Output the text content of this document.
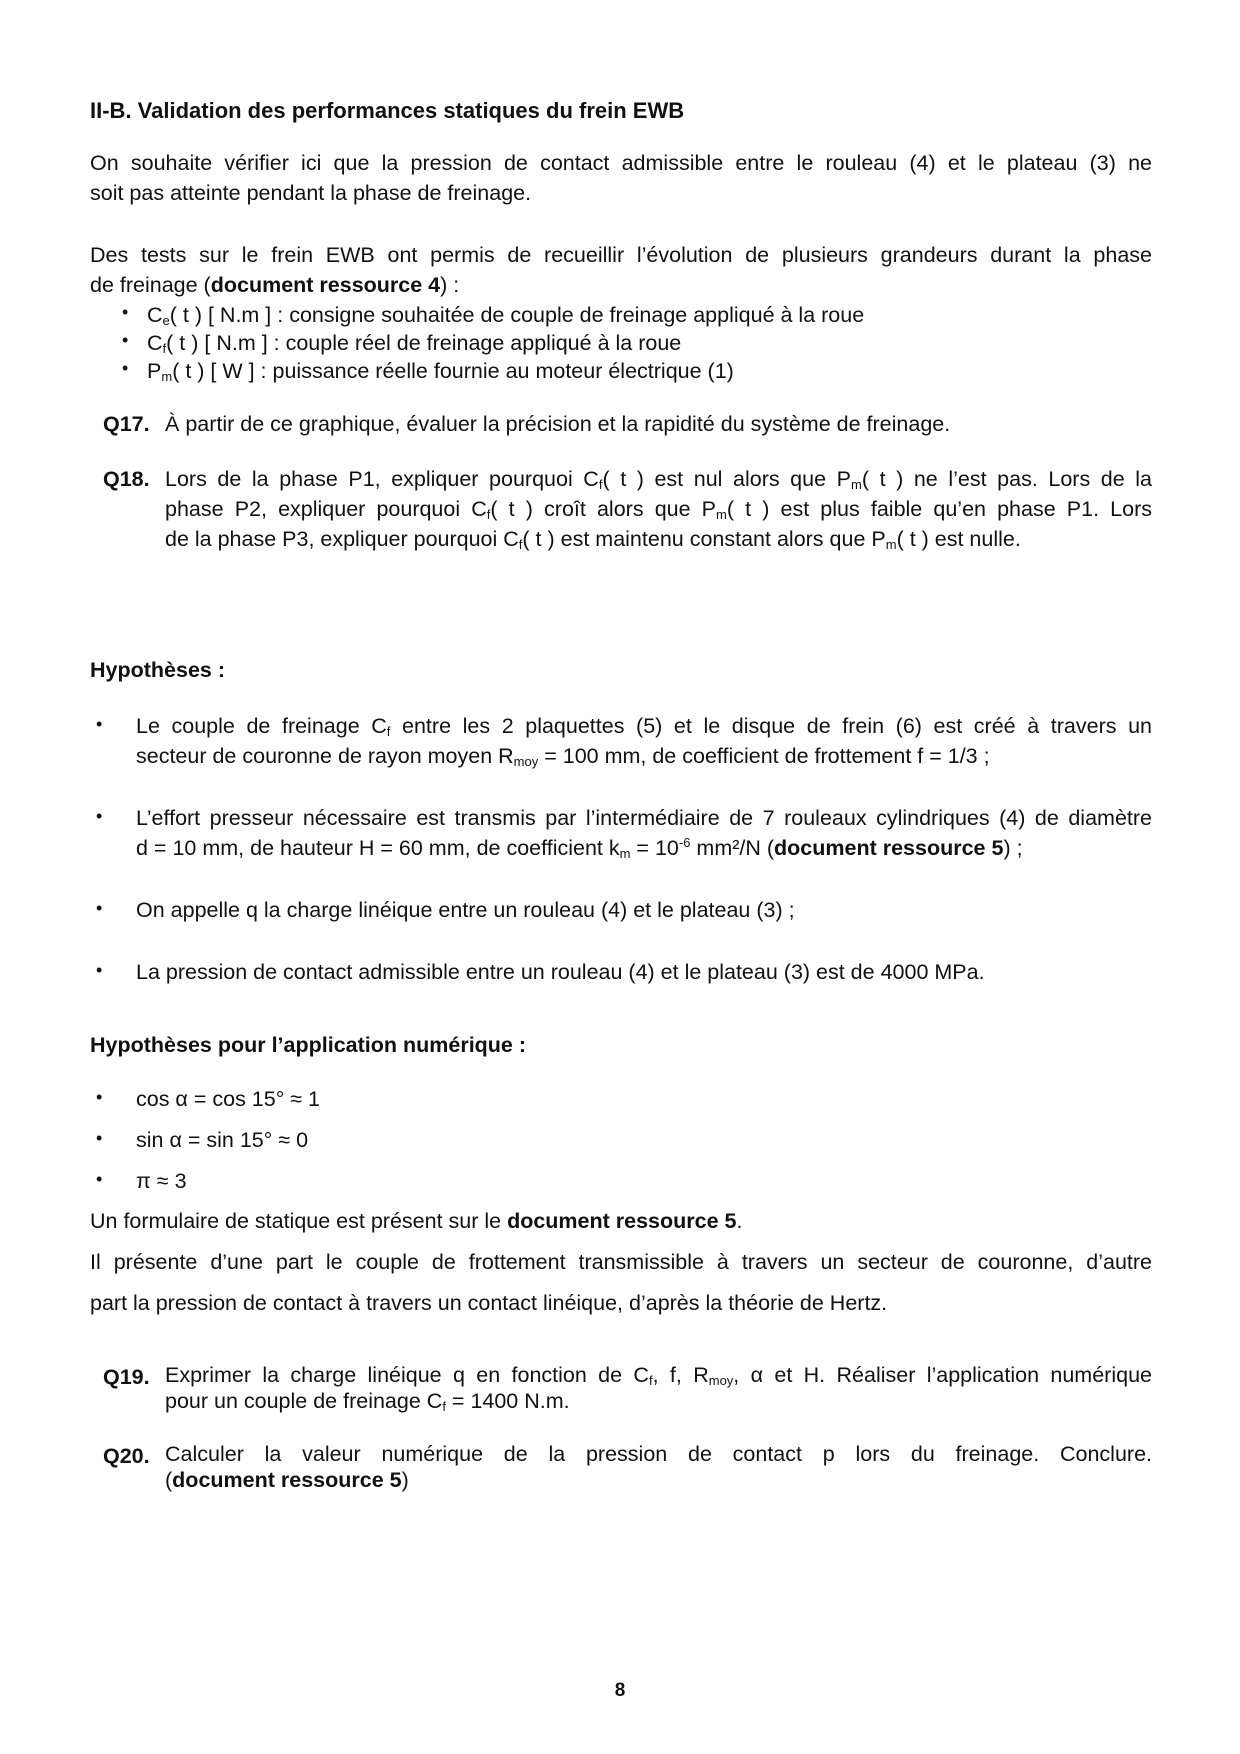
II-B. Validation des performances statiques du frein EWB
On souhaite vérifier ici que la pression de contact admissible entre le rouleau (4) et le plateau (3) ne
soit pas atteinte pendant la phase de freinage.
Des tests sur le frein EWB ont permis de recueillir l’évolution de plusieurs grandeurs durant la phase
de freinage (document ressource 4) :
• $C_e$( t ) [ N.m ] : consigne souhaitée de couple de freinage appliqué à la roue
• $C_f$( t ) [ N.m ] : couple réel de freinage appliqué à la roue
• $P_m$( t ) [ W ] : puissance réelle fournie au moteur électrique (1)
Q17. À partir de ce graphique, évaluer la précision et la rapidité du système de freinage.
Q18. Lors de la phase P1, expliquer pourquoi $C_f$( t ) est nul alors que $P_m$( t ) ne l’est pas. Lors de la
phase P2, expliquer pourquoi $C_f$( t ) croît alors que $P_m$( t ) est plus faible qu’en phase P1. Lors
de la phase P3, expliquer pourquoi $C_f$( t ) est maintenu constant alors que $P_m$( t ) est nulle.
Hypothèses :
• Le couple de freinage $C_f$ entre les 2 plaquettes (5) et le disque de frein (6) est créé à travers un
secteur de couronne de rayon moyen $R_{moy} = 100$ mm, de coefficient de frottement f = 1/3 ;
• L’effort presseur nécessaire est transmis par l’intermédiaire de 7 rouleaux cylindriques (4) de diamètre
d = 10 mm, de hauteur H = 60 mm, de coefficient $k_m = 10^{-6}$ mm²/N (document ressource 5) ;
• On appelle q la charge linéique entre un rouleau (4) et le plateau (3) ;
• La pression de contact admissible entre un rouleau (4) et le plateau (3) est de 4000 MPa.
Hypothèses pour l’application numérique :
• cos α = cos 15° ≈ 1
• sin α = sin 15° ≈ 0
• π ≈ 3
Un formulaire de statique est présent sur le document ressource 5.
Il présente d’une part le couple de frottement transmissible à travers un secteur de couronne, d’autre
part la pression de contact à travers un contact linéique, d’après la théorie de Hertz.
Q19. Exprimer la charge linéique q en fonction de $C_f$, f, $R_{moy}$, α et H. Réaliser l’application numérique
pour un couple de freinage $C_f = 1400$ N.m.
Q20. Calculer la valeur numérique de la pression de contact p lors du freinage. Conclure.
(document ressource 5)
8
